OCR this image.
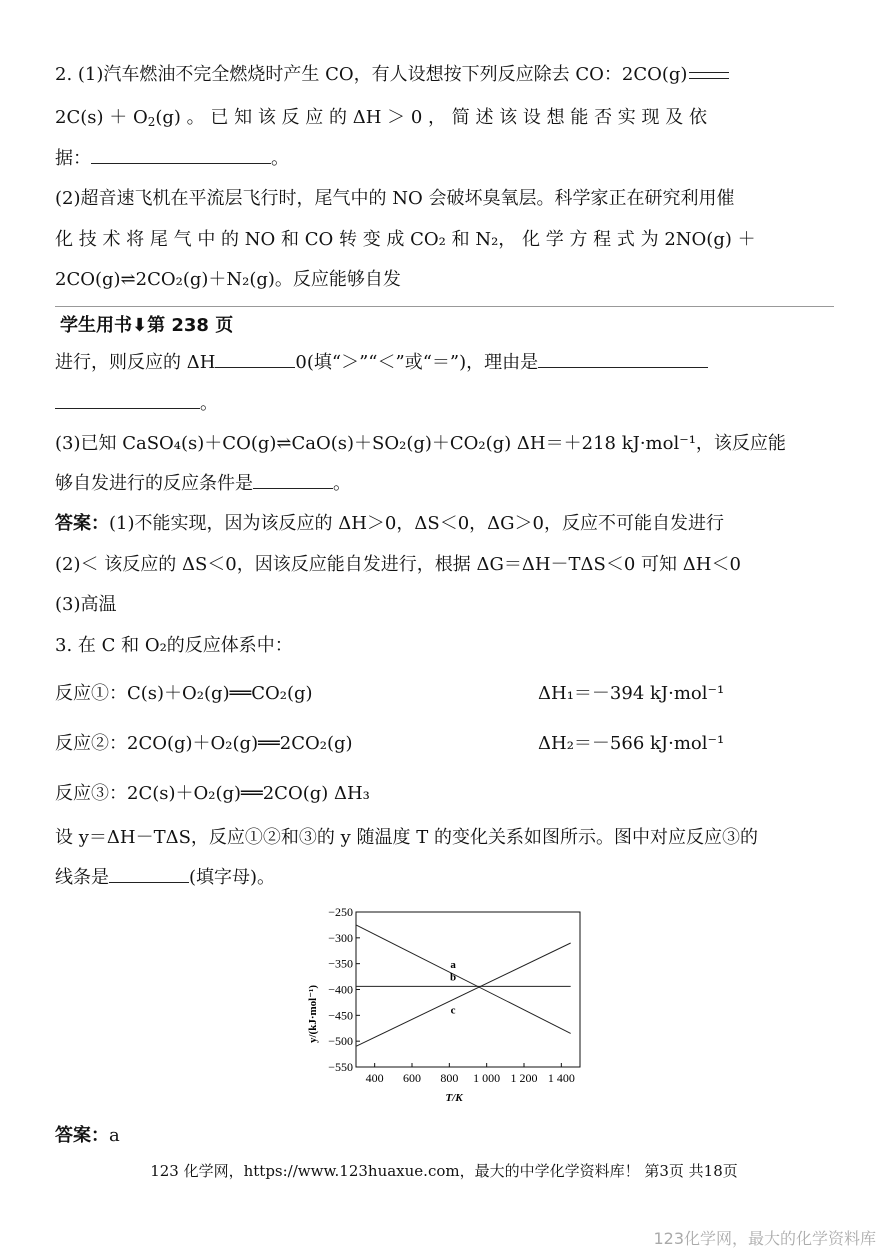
2. (1)汽车燃油不完全燃烧时产生 CO，有人设想按下列反应除去 CO：2CO(g)
$2C(s) + O_2(g)$ 。 已 知 该 反 应 的 ΔH ＞ 0 ， 简 述 该 设 想 能 否 实 现 及 依
据：	。
(2)超音速飞机在平流层飞行时，尾气中的 NO 会破坏臭氧层。科学家正在研究利用催
化 技 术 将 尾 气 中 的 NO 和 CO 转 变 成 CO₂ 和 N₂， 化 学 方 程 式 为 2NO(g) ＋
2CO(g)⇌2CO₂(g)＋N₂(g)。反应能够自发
学生用书⬇第 238 页
进行，则反应的 ΔH	0(填“＞”“＜”或“＝”)，理由是
。
(3)已知 CaSO₄(s)＋CO(g)⇌CaO(s)＋SO₂(g)＋CO₂(g) ΔH＝＋218 kJ·mol⁻¹，该反应能
够自发进行的反应条件是	。
答案：(1)不能实现，因为该反应的 ΔH＞0，ΔS＜0，ΔG＞0，反应不可能自发进行
(2)＜ 该反应的 ΔS＜0，因该反应能自发进行，根据 ΔG＝ΔH－TΔS＜0 可知 ΔH＜0
(3)高温
3. 在 C 和 O₂的反应体系中：
反应①：C(s)＋O₂(g)══CO₂(g)	ΔH₁＝－394 kJ·mol⁻¹
反应②：2CO(g)＋O₂(g)══2CO₂(g)	ΔH₂＝－566 kJ·mol⁻¹
反应③：2C(s)＋O₂(g)══2CO(g) ΔH₃
设 y＝ΔH－TΔS，反应①②和③的 y 随温度 T 的变化关系如图所示。图中对应反应③的
线条是	(填字母)。
−250
−300
−350
−400
−450
−500
−550
400 600 800 1 000 1 200 1 400
a
b
c
y/(kJ·mol⁻¹)
T/K
答案：a
123 化学网，https://www.123huaxue.com，最大的中学化学资料库！ 第3页 共18页
123化学网，最大的化学资料库
